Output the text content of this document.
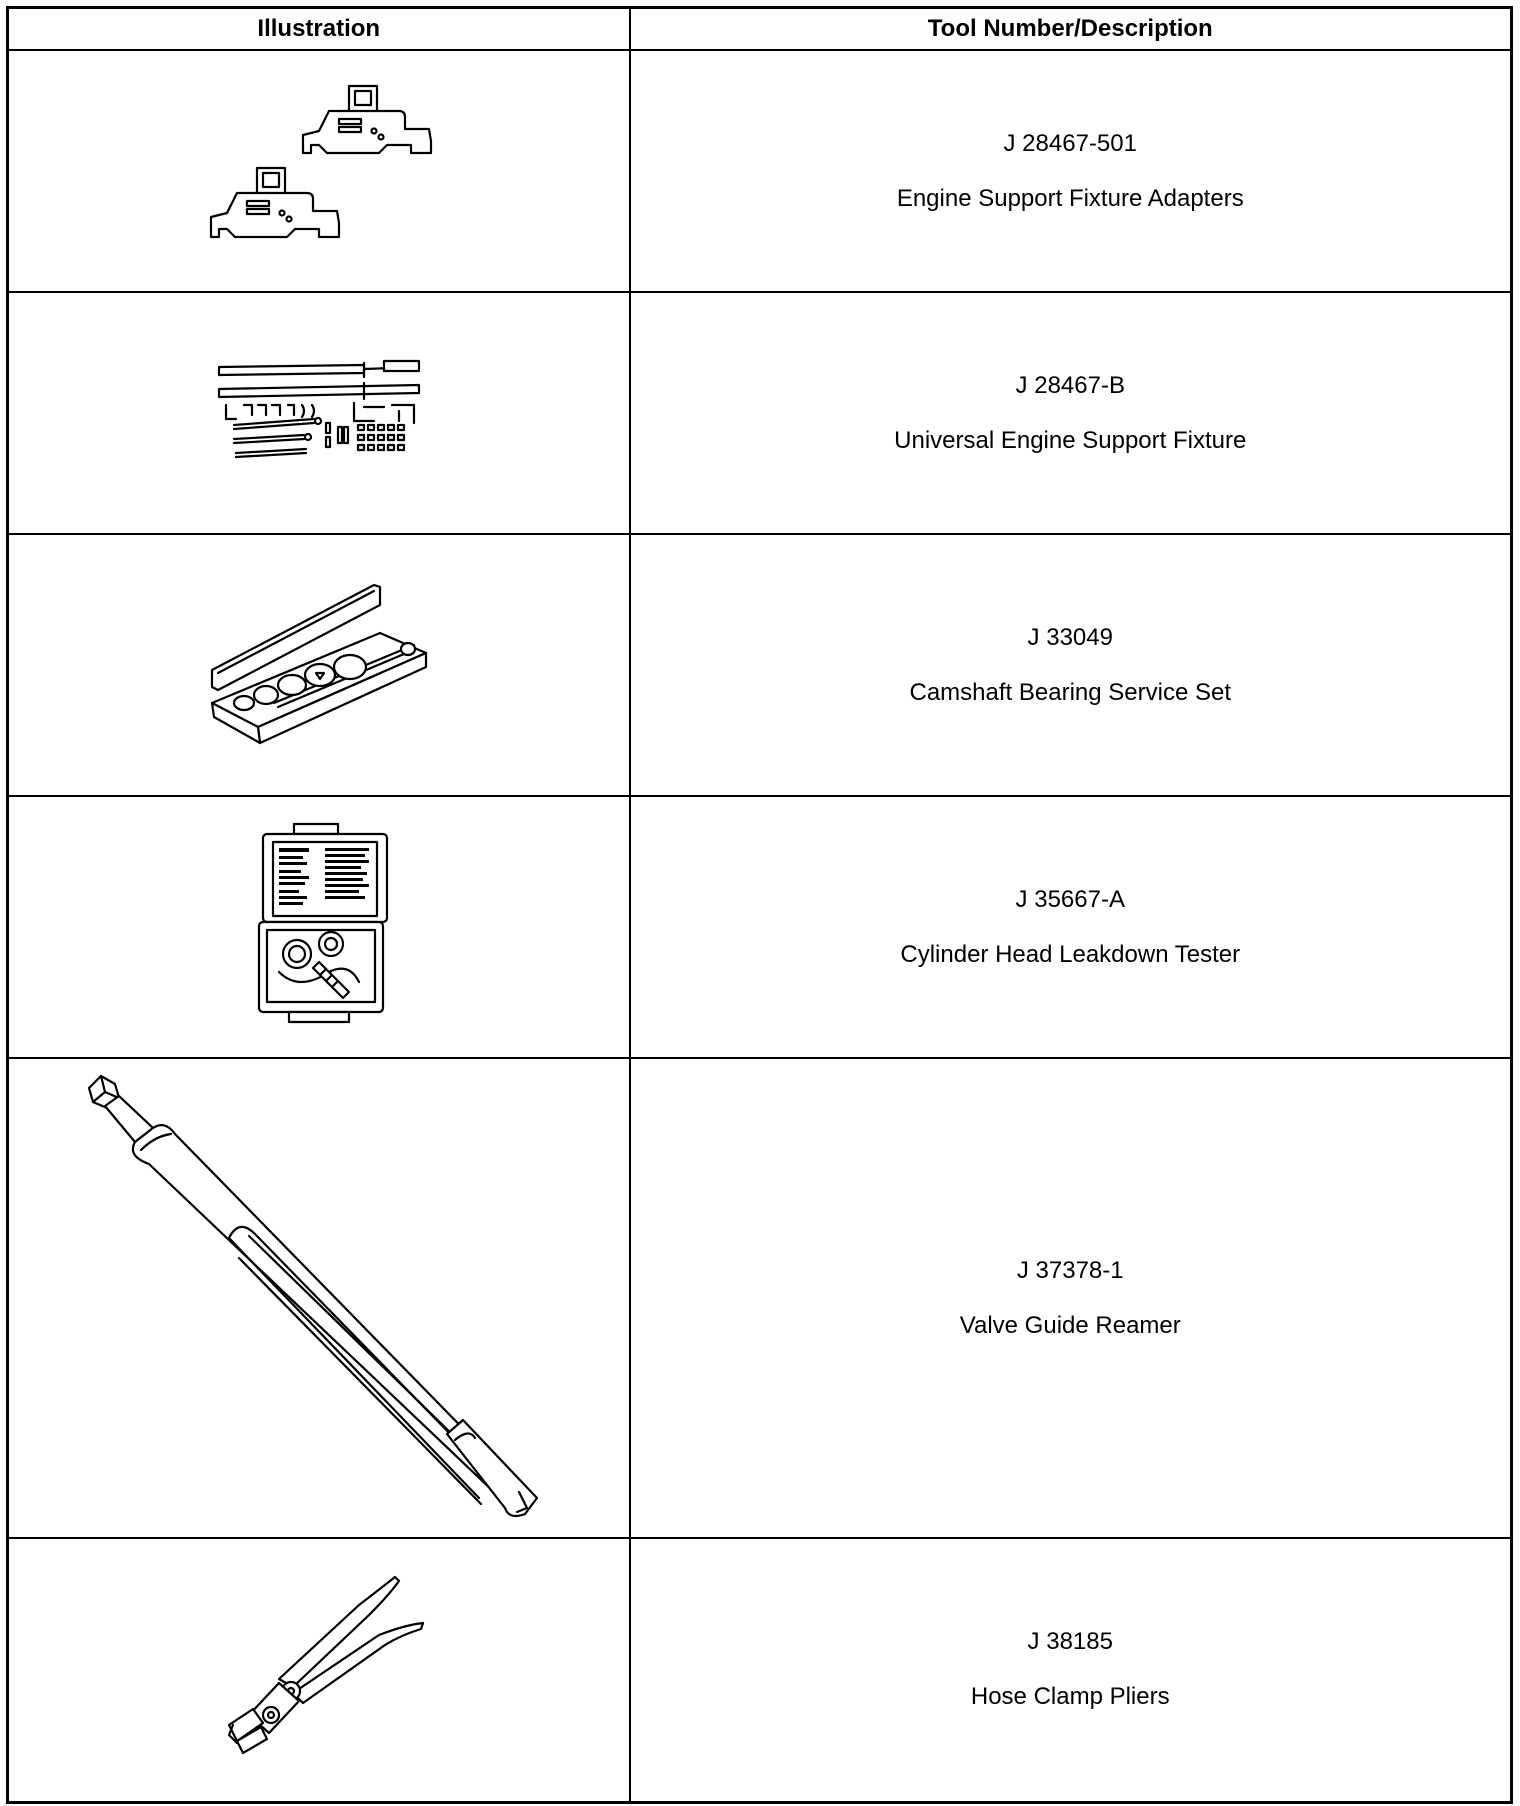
Illustration	Tool Number/Description

J 28467-501
Engine Support Fixture Adapters

J 28467-B
Universal Engine Support Fixture

J 33049
Camshaft Bearing Service Set

J 35667-A
Cylinder Head Leakdown Tester

J 37378-1
Valve Guide Reamer

J 38185
Hose Clamp Pliers
